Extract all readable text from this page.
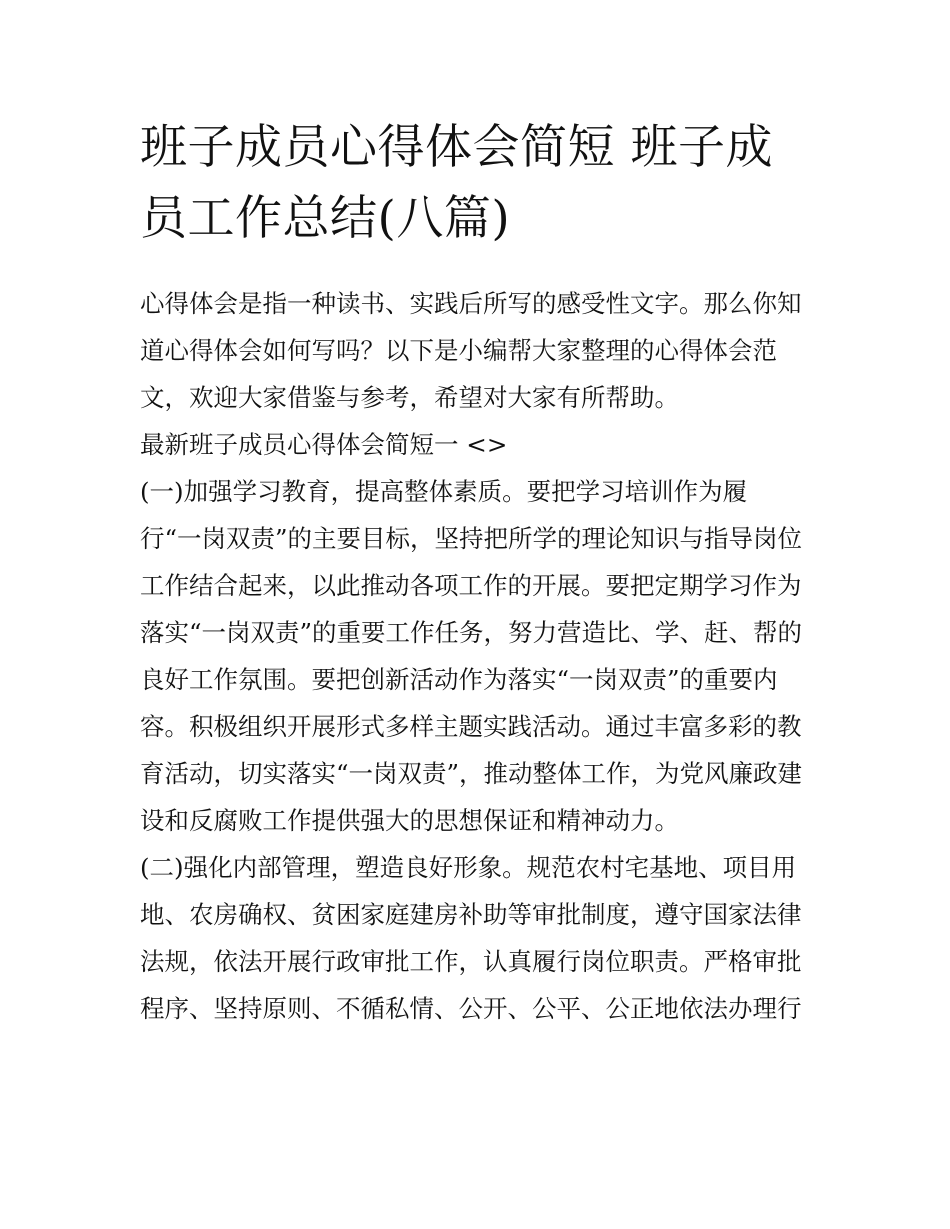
班子成员心得体会简短 班子成
员工作总结(八篇)
心得体会是指一种读书、实践后所写的感受性文字。那么你知
道心得体会如何写吗？以下是小编帮大家整理的心得体会范
文，欢迎大家借鉴与参考，希望对大家有所帮助。
最新班子成员心得体会简短一 <>
(一)加强学习教育，提高整体素质。要把学习培训作为履
行“一岗双责”的主要目标，坚持把所学的理论知识与指导岗位
工作结合起来，以此推动各项工作的开展。要把定期学习作为
落实“一岗双责”的重要工作任务，努力营造比、学、赶、帮的
良好工作氛围。要把创新活动作为落实“一岗双责”的重要内
容。积极组织开展形式多样主题实践活动。通过丰富多彩的教
育活动，切实落实“一岗双责”，推动整体工作，为党风廉政建
设和反腐败工作提供强大的思想保证和精神动力。
(二)强化内部管理，塑造良好形象。规范农村宅基地、项目用
地、农房确权、贫困家庭建房补助等审批制度，遵守国家法律
法规，依法开展行政审批工作，认真履行岗位职责。严格审批
程序、坚持原则、不循私情、公开、公平、公正地依法办理行
